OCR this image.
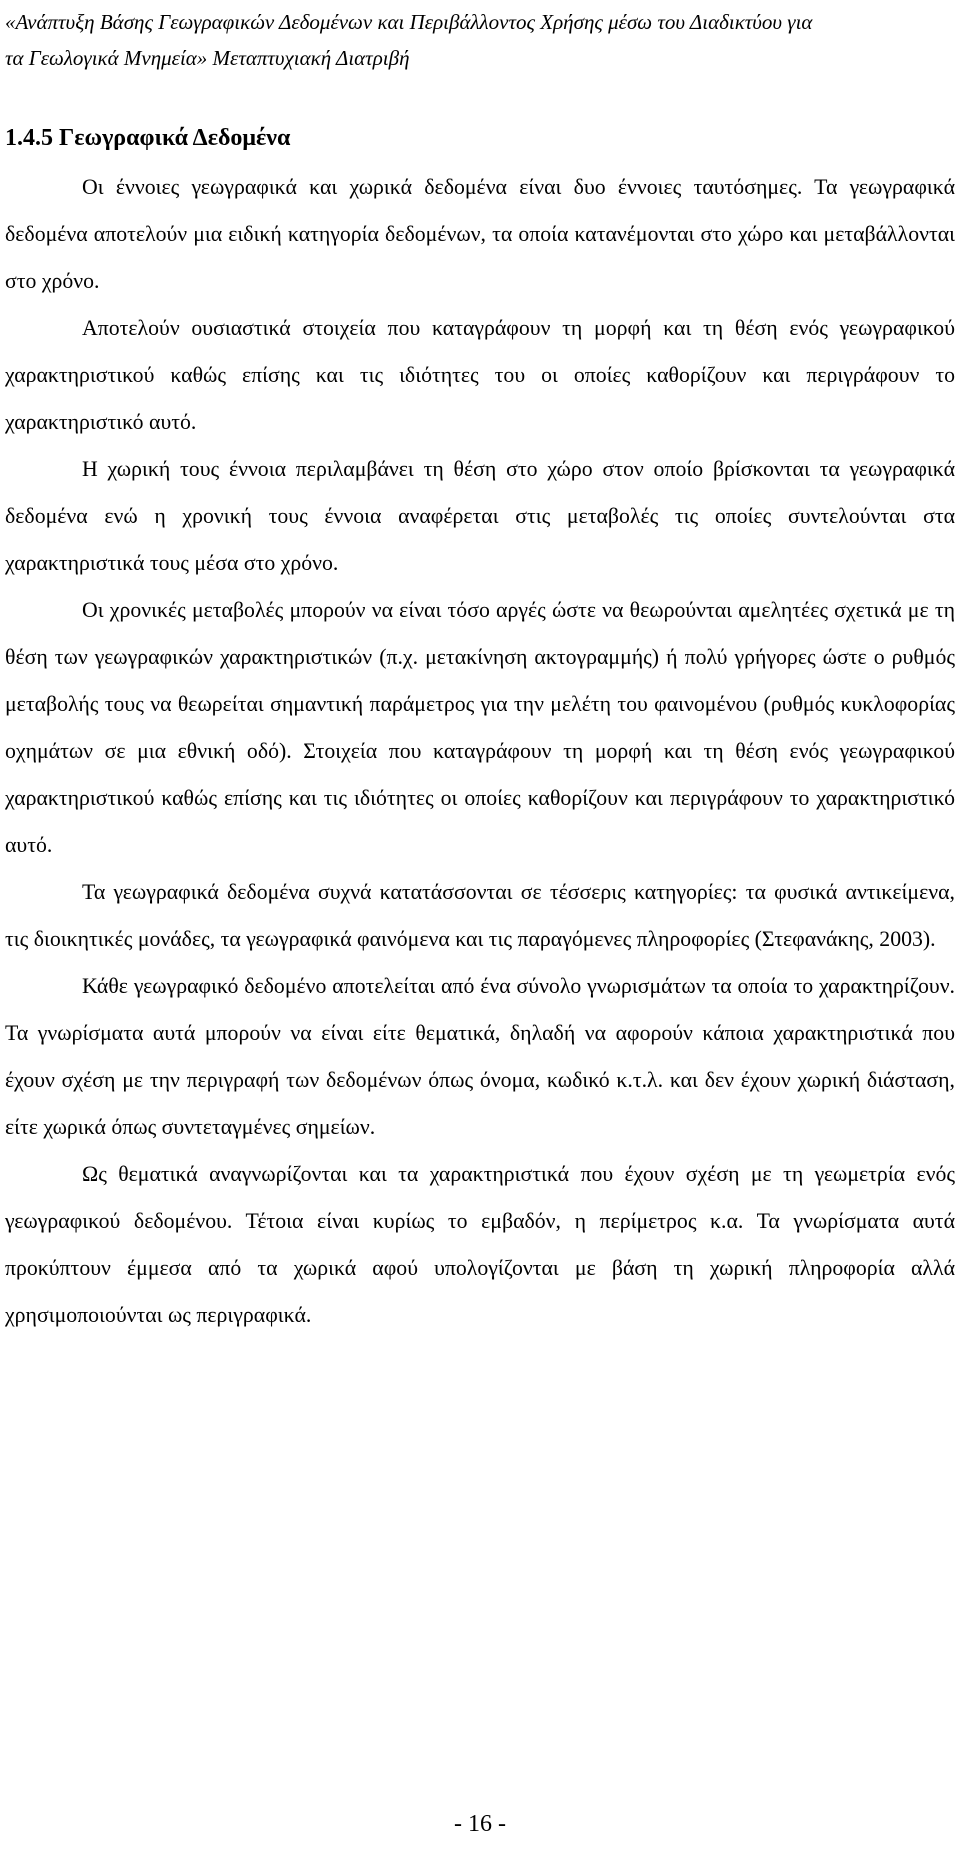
«Ανάπτυξη Βάσης Γεωγραφικών Δεδομένων και Περιβάλλοντος Χρήσης μέσω του Διαδικτύου για
τα Γεωλογικά Μνημεία» Μεταπτυχιακή Διατριβή
1.4.5 Γεωγραφικά Δεδομένα

Οι έννοιες γεωγραφικά και χωρικά δεδομένα είναι δυο έννοιες ταυτόσημες. Τα γεωγραφικά δεδομένα αποτελούν μια ειδική κατηγορία δεδομένων, τα οποία κατανέμονται στο χώρο και μεταβάλλονται στο χρόνο.

Αποτελούν ουσιαστικά στοιχεία που καταγράφουν τη μορφή και τη θέση ενός γεωγραφικού χαρακτηριστικού καθώς επίσης και τις ιδιότητες του οι οποίες καθορίζουν και περιγράφουν το χαρακτηριστικό αυτό.

Η χωρική τους έννοια περιλαμβάνει τη θέση στο χώρο στον οποίο βρίσκονται τα γεωγραφικά δεδομένα ενώ η χρονική τους έννοια αναφέρεται στις μεταβολές τις οποίες συντελούνται στα χαρακτηριστικά τους μέσα στο χρόνο.

Οι χρονικές μεταβολές μπορούν να είναι τόσο αργές ώστε να θεωρούνται αμελητέες σχετικά με τη θέση των γεωγραφικών χαρακτηριστικών (π.χ. μετακίνηση ακτογραμμής) ή πολύ γρήγορες ώστε ο ρυθμός μεταβολής τους να θεωρείται σημαντική παράμετρος για την μελέτη του φαινομένου (ρυθμός κυκλοφορίας οχημάτων σε μια εθνική οδό). Στοιχεία που καταγράφουν τη μορφή και τη θέση ενός γεωγραφικού χαρακτηριστικού καθώς επίσης και τις ιδιότητες οι οποίες καθορίζουν και περιγράφουν το χαρακτηριστικό αυτό.

Τα γεωγραφικά δεδομένα συχνά κατατάσσονται σε τέσσερις κατηγορίες: τα φυσικά αντικείμενα, τις διοικητικές μονάδες, τα γεωγραφικά φαινόμενα και τις παραγόμενες πληροφορίες (Στεφανάκης, 2003).

Κάθε γεωγραφικό δεδομένο αποτελείται από ένα σύνολο γνωρισμάτων τα οποία το χαρακτηρίζουν. Τα γνωρίσματα αυτά μπορούν να είναι είτε θεματικά, δηλαδή να αφορούν κάποια χαρακτηριστικά που έχουν σχέση με την περιγραφή των δεδομένων όπως όνομα, κωδικό κ.τ.λ. και δεν έχουν χωρική διάσταση, είτε χωρικά όπως συντεταγμένες σημείων.

Ως θεματικά αναγνωρίζονται και τα χαρακτηριστικά που έχουν σχέση με τη γεωμετρία ενός γεωγραφικού δεδομένου. Τέτοια είναι κυρίως το εμβαδόν, η περίμετρος κ.α. Τα γνωρίσματα αυτά προκύπτουν έμμεσα από τα χωρικά αφού υπολογίζονται με βάση τη χωρική πληροφορία αλλά χρησιμοποιούνται ως περιγραφικά.

- 16 -
